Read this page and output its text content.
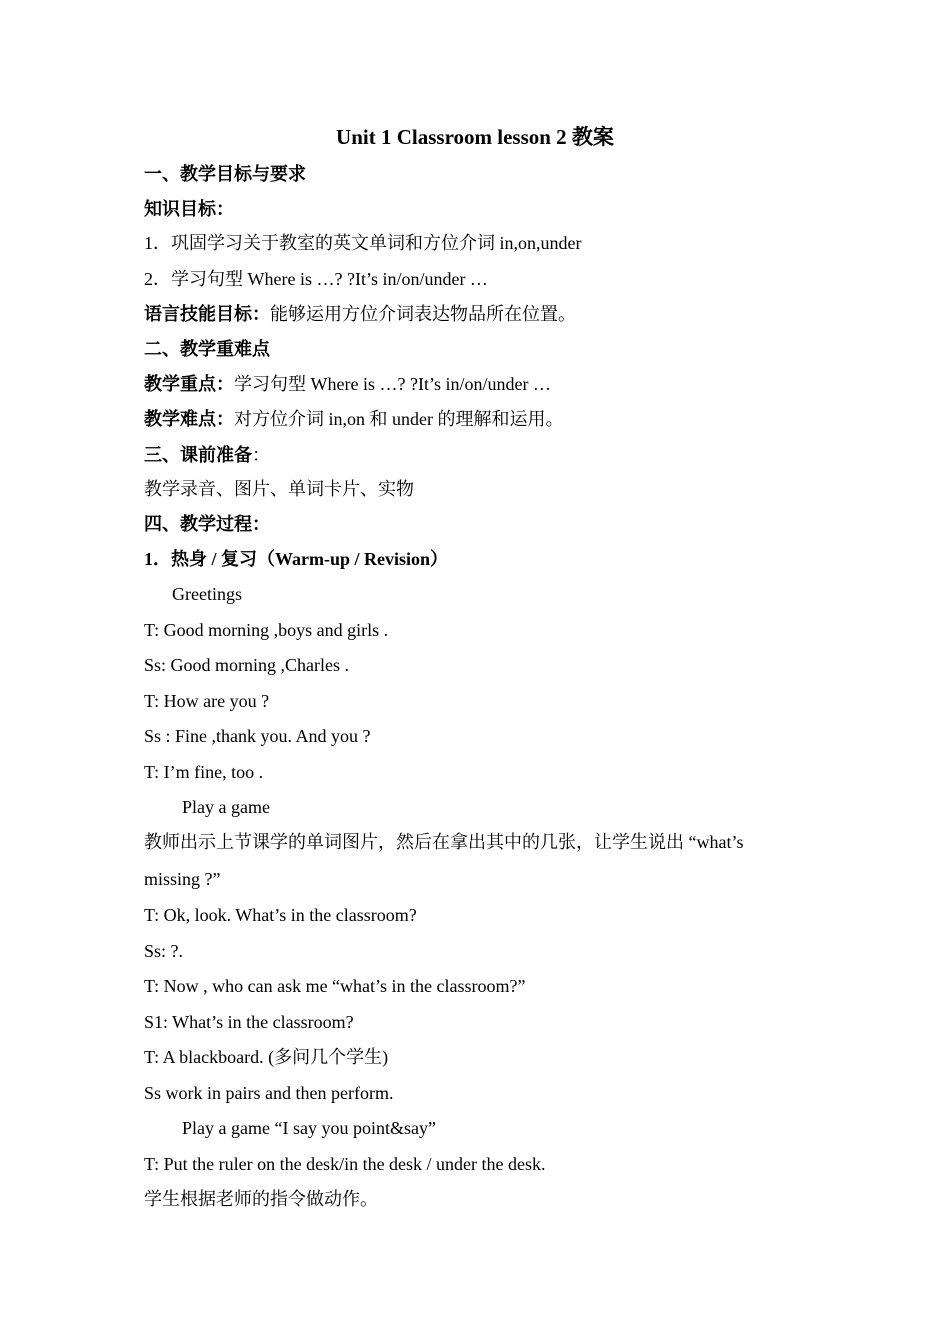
Unit 1 Classroom lesson 2 教案
一、教学目标与要求
知识目标：
1．巩固学习关于教室的英文单词和方位介词 in,on,under
2．学习句型 Where is …? ?It’s in/on/under …
语言技能目标：能够运用方位介词表达物品所在位置。
二、教学重难点
教学重点：学习句型 Where is …? ?It’s in/on/under …
教学难点：对方位介词 in,on 和 under 的理解和运用。
三、课前准备：
教学录音、图片、单词卡片、实物
四、教学过程：
1．热身 / 复习（Warm-up / Revision）
Greetings
T: Good morning ,boys and girls .
Ss: Good morning ,Charles .
T: How are you ?
Ss : Fine ,thank you. And you ?
T: I’m fine, too .
Play a game
教师出示上节课学的单词图片，然后在拿出其中的几张，让学生说出 “what’s
missing ?”
T: Ok, look. What’s in the classroom?
Ss: ?.
T: Now , who can ask me “what’s in the classroom?”
S1: What’s in the classroom?
T: A blackboard. (多问几个学生)
Ss work in pairs and then perform.
Play a game “I say you point&say”
T: Put the ruler on the desk/in the desk / under the desk.
学生根据老师的指令做动作。
